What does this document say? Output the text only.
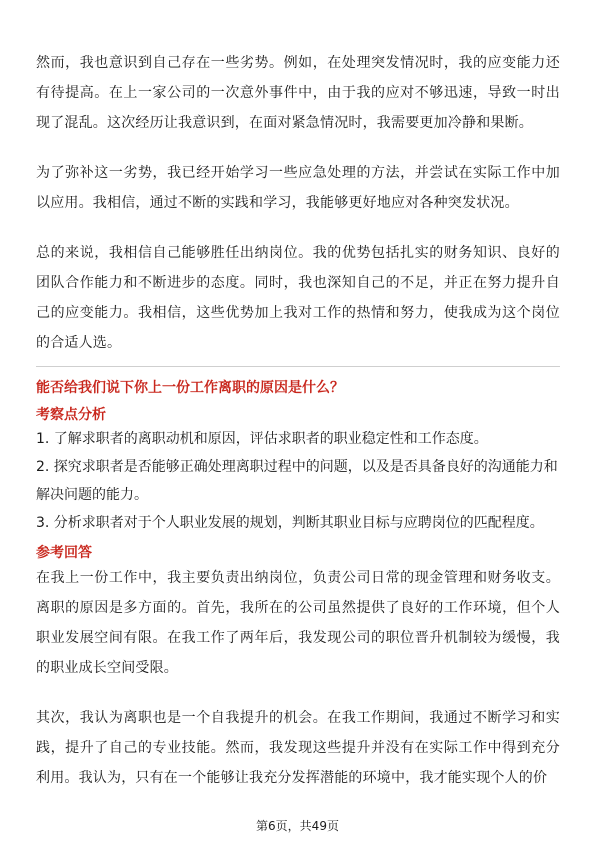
然而，我也意识到自己存在一些劣势。例如，在处理突发情况时，我的应变能力还有待提高。在上一家公司的一次意外事件中，由于我的应对不够迅速，导致一时出现了混乱。这次经历让我意识到，在面对紧急情况时，我需要更加冷静和果断。

为了弥补这一劣势，我已经开始学习一些应急处理的方法，并尝试在实际工作中加以应用。我相信，通过不断的实践和学习，我能够更好地应对各种突发状况。

总的来说，我相信自己能够胜任出纳岗位。我的优势包括扎实的财务知识、良好的团队合作能力和不断进步的态度。同时，我也深知自己的不足，并正在努力提升自己的应变能力。我相信，这些优势加上我对工作的热情和努力，使我成为这个岗位的合适人选。

能否给我们说下你上一份工作离职的原因是什么？

考察点分析

1. 了解求职者的离职动机和原因，评估求职者的职业稳定性和工作态度。
2. 探究求职者是否能够正确处理离职过程中的问题，以及是否具备良好的沟通能力和解决问题的能力。
3. 分析求职者对于个人职业发展的规划，判断其职业目标与应聘岗位的匹配程度。

参考回答

在我上一份工作中，我主要负责出纳岗位，负责公司日常的现金管理和财务收支。离职的原因是多方面的。首先，我所在的公司虽然提供了良好的工作环境，但个人职业发展空间有限。在我工作了两年后，我发现公司的职位晋升机制较为缓慢，我的职业成长空间受限。

其次，我认为离职也是一个自我提升的机会。在我工作期间，我通过不断学习和实践，提升了自己的专业技能。然而，我发现这些提升并没有在实际工作中得到充分利用。我认为，只有在一个能够让我充分发挥潜能的环境中，我才能实现个人的价

第6页，共49页
